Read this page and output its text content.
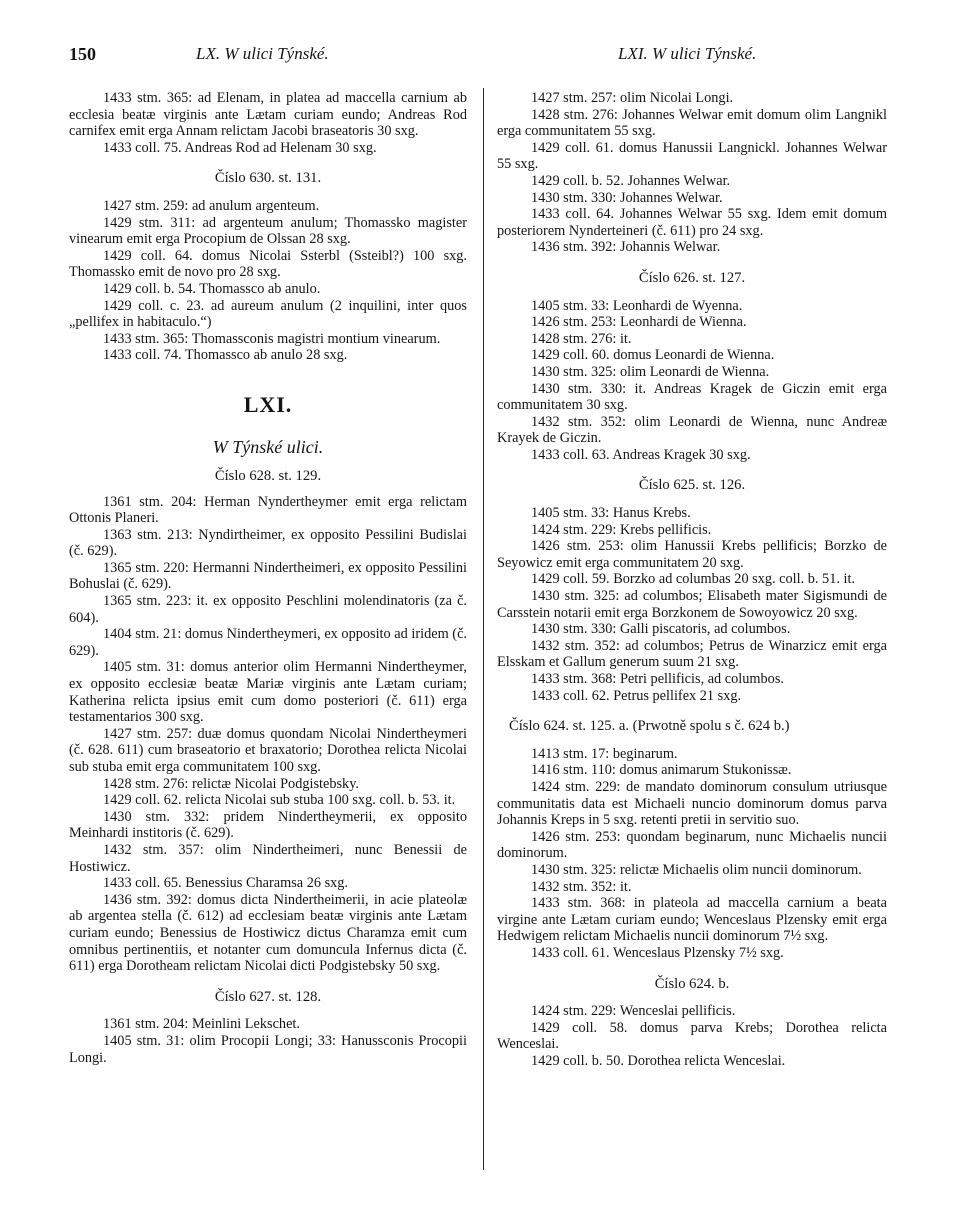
150	LX. W ulici Týnské.	LXI. W ulici Týnské.

1433 stm. 365: ad Elenam, in platea ad maccella carnium ab ecclesia beatæ virginis ante Lætam curiam eundo; Andreas Rod carnifex emit erga Annam relictam Jacobi braseatoris 30 sxg.

1433 coll. 75. Andreas Rod ad Helenam 30 sxg.

Číslo 630. st. 131.

1427 stm. 259: ad anulum argenteum.

1429 stm. 311: ad argenteum anulum; Thomassko magister vinearum emit erga Procopium de Olssan 28 sxg.

1429 coll. 64. domus Nicolai Ssterbl (Ssteibl?) 100 sxg. Thomassko emit de novo pro 28 sxg.

1429 coll. b. 54. Thomassco ab anulo.

1429 coll. c. 23. ad aureum anulum (2 inquilini, inter quos „pellifex in habitaculo.“)

1433 stm. 365: Thomassconis magistri montium vinearum.

1433 coll. 74. Thomassco ab anulo 28 sxg.

LXI.
W Týnské ulici.
Číslo 628. st. 129.

1361 stm. 204: Herman Nyndertheymer emit erga relictam Ottonis Planeri.

1363 stm. 213: Nyndirtheimer, ex opposito Pessilini Budislai (č. 629).

1365 stm. 220: Hermanni Nindertheimeri, ex opposito Pessilini Bohuslai (č. 629).

1365 stm. 223: it. ex opposito Peschlini molendinatoris (za č. 604).

1404 stm. 21: domus Nindertheymeri, ex opposito ad iridem (č. 629).

1405 stm. 31: domus anterior olim Hermanni Nindertheymer, ex opposito ecclesiæ beatæ Mariæ virginis ante Lætam curiam; Katherina relicta ipsius emit cum domo posteriori (č. 611) erga testamentarios 300 sxg.

1427 stm. 257: duæ domus quondam Nicolai Nindertheymeri (č. 628. 611) cum braseatorio et braxatorio; Dorothea relicta Nicolai sub stuba emit erga communitatem 100 sxg.

1428 stm. 276: relictæ Nicolai Podgistebsky.

1429 coll. 62. relicta Nicolai sub stuba 100 sxg. coll. b. 53. it.

1430 stm. 332: pridem Nindertheymerii, ex opposito Meinhardi institoris (č. 629).

1432 stm. 357: olim Nindertheimeri, nunc Benessii de Hostiwicz.

1433 coll. 65. Benessius Charamsa 26 sxg.

1436 stm. 392: domus dicta Nindertheimerii, in acie plateolæ ab argentea stella (č. 612) ad ecclesiam beatæ virginis ante Lætam curiam eundo; Benessius de Hostiwicz dictus Charamza emit cum omnibus pertinentiis, et notanter cum domuncula Infernus dicta (č. 611) erga Dorotheam relictam Nicolai dicti Podgistebsky 50 sxg.

Číslo 627. st. 128.

1361 stm. 204: Meinlini Lekschet.

1405 stm. 31: olim Procopii Longi; 33: Hanussconis Procopii Longi.

1427 stm. 257: olim Nicolai Longi.

1428 stm. 276: Johannes Welwar emit domum olim Langnikl erga communitatem 55 sxg.

1429 coll. 61. domus Hanussii Langnickl. Johannes Welwar 55 sxg.

1429 coll. b. 52. Johannes Welwar.

1430 stm. 330: Johannes Welwar.

1433 coll. 64. Johannes Welwar 55 sxg. Idem emit domum posteriorem Nynderteineri (č. 611) pro 24 sxg.

1436 stm. 392: Johannis Welwar.

Číslo 626. st. 127.

1405 stm. 33: Leonhardi de Wyenna.

1426 stm. 253: Leonhardi de Wienna.

1428 stm. 276: it.

1429 coll. 60. domus Leonardi de Wienna.

1430 stm. 325: olim Leonardi de Wienna.

1430 stm. 330: it. Andreas Kragek de Giczin emit erga communitatem 30 sxg.

1432 stm. 352: olim Leonardi de Wienna, nunc Andreæ Krayek de Giczin.

1433 coll. 63. Andreas Kragek 30 sxg.

Číslo 625. st. 126.

1405 stm. 33: Hanus Krebs.

1424 stm. 229: Krebs pellificis.

1426 stm. 253: olim Hanussii Krebs pellificis; Borzko de Seyowicz emit erga communitatem 20 sxg.

1429 coll. 59. Borzko ad columbas 20 sxg. coll. b. 51. it.

1430 stm. 325: ad columbos; Elisabeth mater Sigismundi de Carsstein notarii emit erga Borzkonem de Sowoyowicz 20 sxg.

1430 stm. 330: Galli piscatoris, ad columbos.

1432 stm. 352: ad columbos; Petrus de Winarzicz emit erga Elsskam et Gallum generum suum 21 sxg.

1433 stm. 368: Petri pellificis, ad columbos.

1433 coll. 62. Petrus pellifex 21 sxg.

Číslo 624. st. 125. a. (Prwotně spolu s č. 624 b.)

1413 stm. 17: beginarum.

1416 stm. 110: domus animarum Stukonissæ.

1424 stm. 229: de mandato dominorum consulum utriusque communitatis data est Michaeli nuncio dominorum domus parva Johannis Kreps in 5 sxg. retenti pretii in servitio suo.

1426 stm. 253: quondam beginarum, nunc Michaelis nuncii dominorum.

1430 stm. 325: relictæ Michaelis olim nuncii dominorum.

1432 stm. 352: it.

1433 stm. 368: in plateola ad maccella carnium a beata virgine ante Lætam curiam eundo; Wenceslaus Plzensky emit erga Hedwigem relictam Michaelis nuncii dominorum 7½ sxg.

1433 coll. 61. Wenceslaus Plzensky 7½ sxg.

Číslo 624. b.

1424 stm. 229: Wenceslai pellificis.

1429 coll. 58. domus parva Krebs; Dorothea relicta Wenceslai.

1429 coll. b. 50. Dorothea relicta Wenceslai.
